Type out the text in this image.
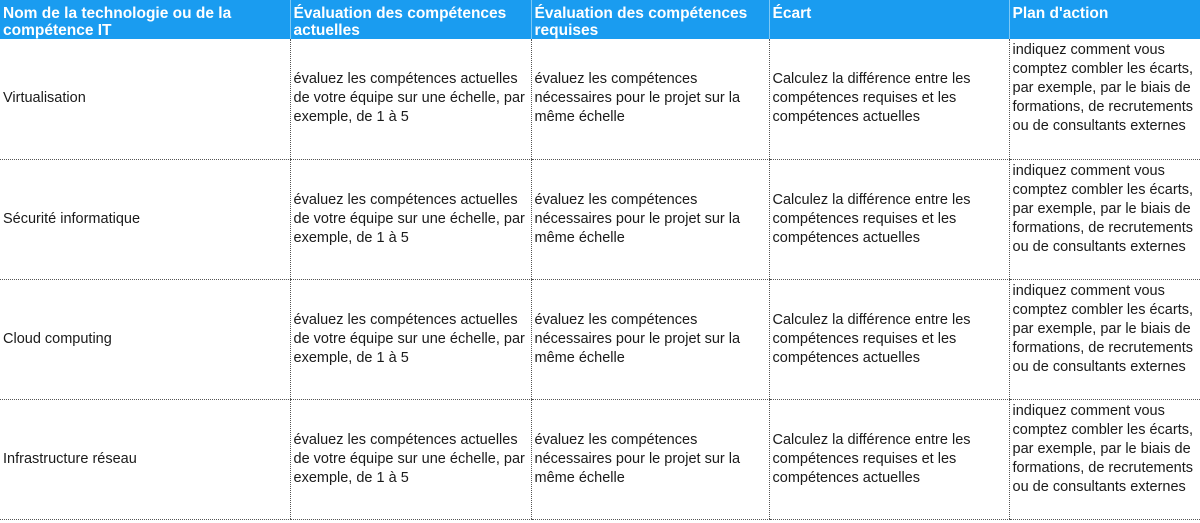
Nom de la technologie ou de la compétence IT	Évaluation des compétences actuelles	Évaluation des compétences requises	Écart	Plan d'action
Virtualisation	évaluez les compétences actuelles de votre équipe sur une échelle, par exemple, de 1 à 5	évaluez les compétences nécessaires pour le projet sur la même échelle	Calculez la différence entre les compétences requises et les compétences actuelles	indiquez comment vous comptez combler les écarts, par exemple, par le biais de formations, de recrutements ou de consultants externes
Sécurité informatique	évaluez les compétences actuelles de votre équipe sur une échelle, par exemple, de 1 à 5	évaluez les compétences nécessaires pour le projet sur la même échelle	Calculez la différence entre les compétences requises et les compétences actuelles	indiquez comment vous comptez combler les écarts, par exemple, par le biais de formations, de recrutements ou de consultants externes
Cloud computing	évaluez les compétences actuelles de votre équipe sur une échelle, par exemple, de 1 à 5	évaluez les compétences nécessaires pour le projet sur la même échelle	Calculez la différence entre les compétences requises et les compétences actuelles	indiquez comment vous comptez combler les écarts, par exemple, par le biais de formations, de recrutements ou de consultants externes
Infrastructure réseau	évaluez les compétences actuelles de votre équipe sur une échelle, par exemple, de 1 à 5	évaluez les compétences nécessaires pour le projet sur la même échelle	Calculez la différence entre les compétences requises et les compétences actuelles	indiquez comment vous comptez combler les écarts, par exemple, par le biais de formations, de recrutements ou de consultants externes
